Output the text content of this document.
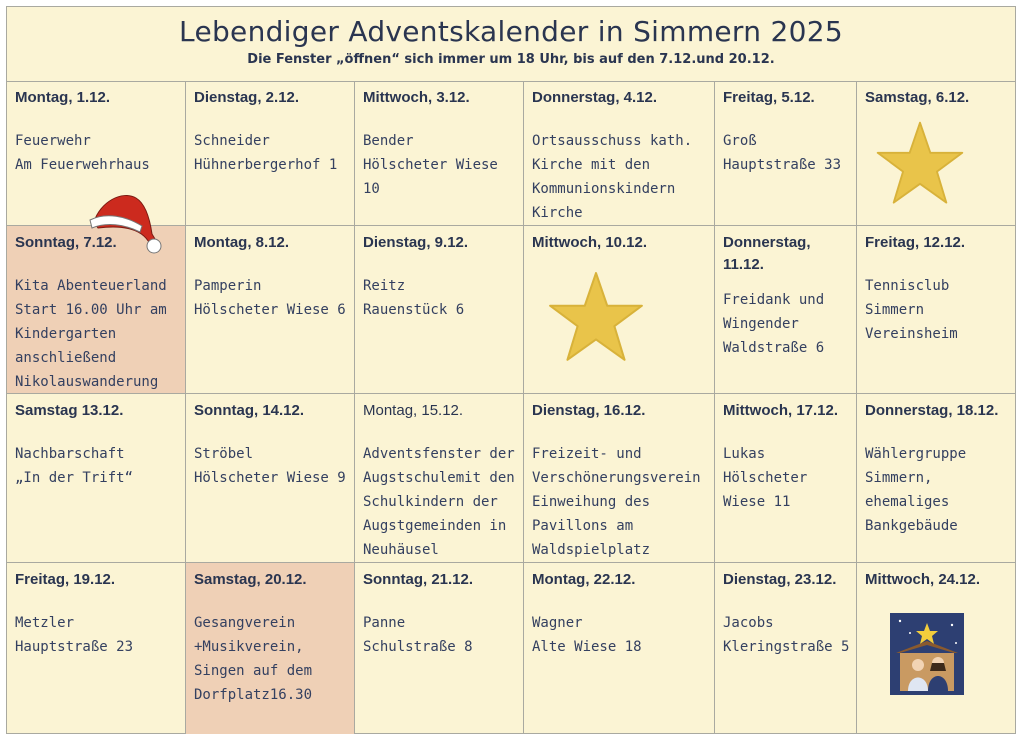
Lebendiger Adventskalender in Simmern 2025
Die Fenster „öffnen“ sich immer um 18 Uhr, bis auf den 7.12.und 20.12.
Montag, 1.12.
Feuerwehr
Am Feuerwehrhaus
Dienstag, 2.12.
Schneider
Hühnerbergerhof 1
Mittwoch, 3.12.
Bender
Hölscheter Wiese 10
Donnerstag, 4.12.
Ortsausschuss kath.
Kirche mit den
Kommunionskindern
Kirche
Freitag, 5.12.
Groß
Hauptstraße 33
Samstag, 6.12.
Sonntag, 7.12.
Kita Abenteuerland
Start 16.00 Uhr am
Kindergarten
anschließend
Nikolauswanderung
Montag, 8.12.
Pamperin
Hölscheter Wiese 6
Dienstag, 9.12.
Reitz
Rauenstück 6
Mittwoch, 10.12.	Donnerstag,
11.12.
Freidank und
Wingender
Waldstraße 6
Freitag, 12.12.
Tennisclub
Simmern
Vereinsheim
Samstag 13.12.
Nachbarschaft
„In der Trift“
Sonntag, 14.12.
Ströbel
Hölscheter Wiese 9
Montag, 15.12.
Adventsfenster der
Augstschulemit den
Schulkindern der
Augstgemeinden in
Neuhäusel
Dienstag, 16.12.
Freizeit- und
Verschönerungsverein
Einweihung des
Pavillons am
Waldspielplatz
Mittwoch, 17.12.
Lukas
Hölscheter
Wiese 11
Donnerstag, 18.12.
Wählergruppe
Simmern,
ehemaliges
Bankgebäude
Freitag, 19.12.
Metzler
Hauptstraße 23
Samstag, 20.12.
Gesangverein
+Musikverein,
Singen auf dem
Dorfplatz16.30
Sonntag, 21.12.
Panne
Schulstraße 8
Montag, 22.12.
Wagner
Alte Wiese 18
Dienstag, 23.12.
Jacobs
Kleringstraße 5
Mittwoch, 24.12.
